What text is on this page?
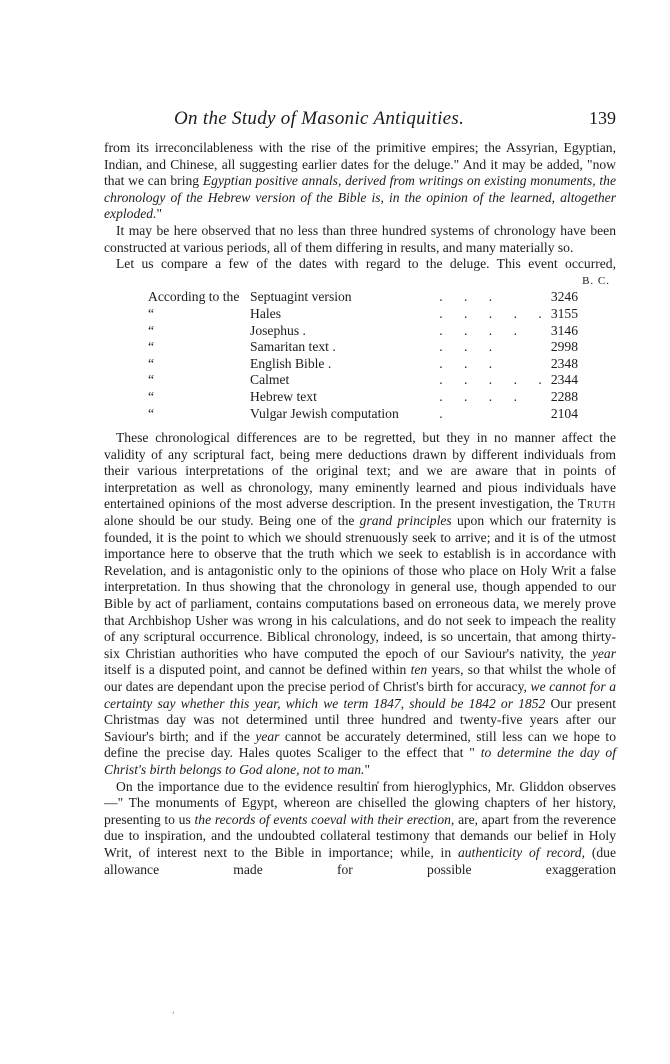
On the Study of Masonic Antiquities.	139

from its irreconcilableness with the rise of the primitive empires; the Assyrian, Egyptian, Indian, and Chinese, all suggesting earlier dates for the deluge." And it may be added, "now that we can bring Egyptian positive annals, derived from writings on existing monuments, the chronology of the Hebrew version of the Bible is, in the opinion of the learned, altogether exploded."

It may be here observed that no less than three hundred systems of chronology have been constructed at various periods, all of them differing in results, and many materially so.

Let us compare a few of the dates with regard to the deluge. This event occurred,

B. C.
According to the	Septuagint version	. . .	3246
“	Hales	. . . . .	3155
“	Josephus .	. . . .	3146
“	Samaritan text .	. . .	2998
“	English Bible .	. . .	2348
“	Calmet	. . . . .	2344
“	Hebrew text	. . . .	2288
“	Vulgar Jewish computation	.	2104

These chronological differences are to be regretted, but they in no manner affect the validity of any scriptural fact, being mere deductions drawn by different individuals from their various interpretations of the original text; and we are aware that in points of interpretation as well as chronology, many eminently learned and pious individuals have entertained opinions of the most adverse description. In the present investigation, the Truth alone should be our study. Being one of the grand principles upon which our fraternity is founded, it is the point to which we should strenuously seek to arrive; and it is of the utmost importance here to observe that the truth which we seek to establish is in accordance with Revelation, and is antagonistic only to the opinions of those who place on Holy Writ a false interpretation. In thus showing that the chronology in general use, though appended to our Bible by act of parliament, contains computations based on erroneous data, we merely prove that Archbishop Usher was wrong in his calculations, and do not seek to impeach the reality of any scriptural occurrence. Biblical chronology, indeed, is so uncertain, that among thirty-six Christian authorities who have computed the epoch of our Saviour's nativity, the year itself is a disputed point, and cannot be defined within ten years, so that whilst the whole of our dates are dependant upon the precise period of Christ's birth for accuracy, we cannot for a certainty say whether this year, which we term 1847, should be 1842 or 1852 Our present Christmas day was not determined until three hundred and twenty-five years after our Saviour's birth; and if the year cannot be accurately determined, still less can we hope to define the precise day. Hales quotes Scaliger to the effect that " to determine the day of Christ's birth belongs to God alone, not to man."

On the importance due to the evidence resultin̒ from hieroglyphics, Mr. Gliddon observes—" The monuments of Egypt, whereon are chiselled the glowing chapters of her history, presenting to us the records of events coeval with their erection, are, apart from the reverence due to inspiration, and the undoubted collateral testimony that demands our belief in Holy Writ, of interest next to the Bible in importance; while, in authenticity of record, (due allowance made for possible exaggeration

ʻ
